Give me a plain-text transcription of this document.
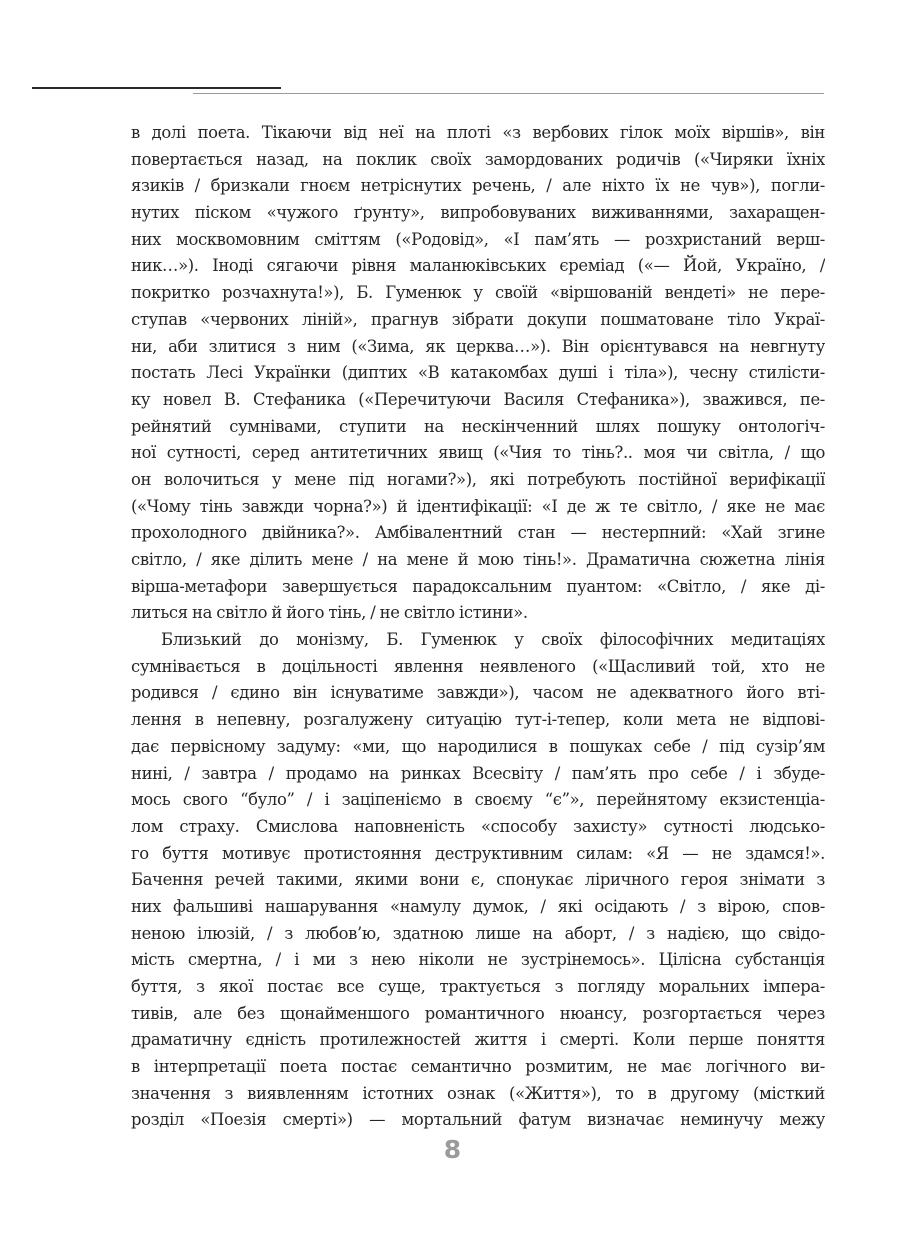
в долі поета. Тікаючи від неї на плоті «з вербових гілок моїх віршів», він
повертається назад, на поклик своїх замордованих родичів («Чиряки їхніх
язиків / бризкали гноєм нетріснутих речень, / але ніхто їх не чув»), погли-
нутих піском «чужого ґрунту», випробовуваних виживаннями, захаращен-
них москвомовним сміттям («Родовід», «І пам’ять — розхристаний верш-
ник…»). Іноді сягаючи рівня маланюківських єреміад («— Йой, Україно, /
покритко розчахнута!»), Б. Гуменюк у своїй «віршованій вендеті» не пере-
ступав «червоних ліній», прагнув зібрати докупи пошматоване тіло Украї-
ни, аби злитися з ним («Зима, як церква…»). Він орієнтувався на невгнуту
постать Лесі Українки (диптих «В катакомбах душі і тіла»), чесну стилісти-
ку новел В. Стефаника («Перечитуючи Василя Стефаника»), зважився, пе-
рейнятий сумнівами, ступити на нескінченний шлях пошуку онтологіч-
ної сутності, серед антитетичних явищ («Чия то тінь?.. моя чи світла, / що
он волочиться у мене під ногами?»), які потребують постійної верифікації
(«Чому тінь завжди чорна?») й ідентифікації: «І де ж те світло, / яке не має
прохолодного двійника?». Амбівалентний стан — нестерпний: «Хай згине
світло, / яке ділить мене / на мене й мою тінь!». Драматична сюжетна лінія
вірша-метафори завершується парадоксальним пуантом: «Світло, / яке ді-
литься на світло й його тінь, / не світло істини».
Близький до монізму, Б. Гуменюк у своїх філософічних медитаціях
сумнівається в доцільності явлення неявленого («Щасливий той, хто не
родився / єдино він існуватиме завжди»), часом не адекватного його вті-
лення в непевну, розгалужену ситуацію тут-і-тепер, коли мета не відпові-
дає первісному задуму: «ми, що народилися в пошуках себе / під сузір’ям
нині, / завтра / продамо на ринках Всесвіту / пам’ять про себе / і збуде-
мось свого “було” / і заціпеніємо в своєму “є”», перейнятому екзистенціа-
лом страху. Смислова наповненість «способу захисту» сутності людсько-
го буття мотивує протистояння деструктивним силам: «Я — не здамся!».
Бачення речей такими, якими вони є, спонукає ліричного героя знімати з
них фальшиві нашарування «намулу думок, / які осідають / з вірою, спов-
неною ілюзій, / з любов’ю, здатною лише на аборт, / з надією, що свідо-
мість смертна, / і ми з нею ніколи не зустрінемось». Цілісна субстанція
буття, з якої постає все суще, трактується з погляду моральних імпера-
тивів, але без щонайменшого романтичного нюансу, розгортається через
драматичну єдність протилежностей життя і смерті. Коли перше поняття
в інтерпретації поета постає семантично розмитим, не має логічного ви-
значення з виявленням істотних ознак («Життя»), то в другому (місткий
розділ «Поезія смерті») — мортальний фатум визначає неминучу межу
8
